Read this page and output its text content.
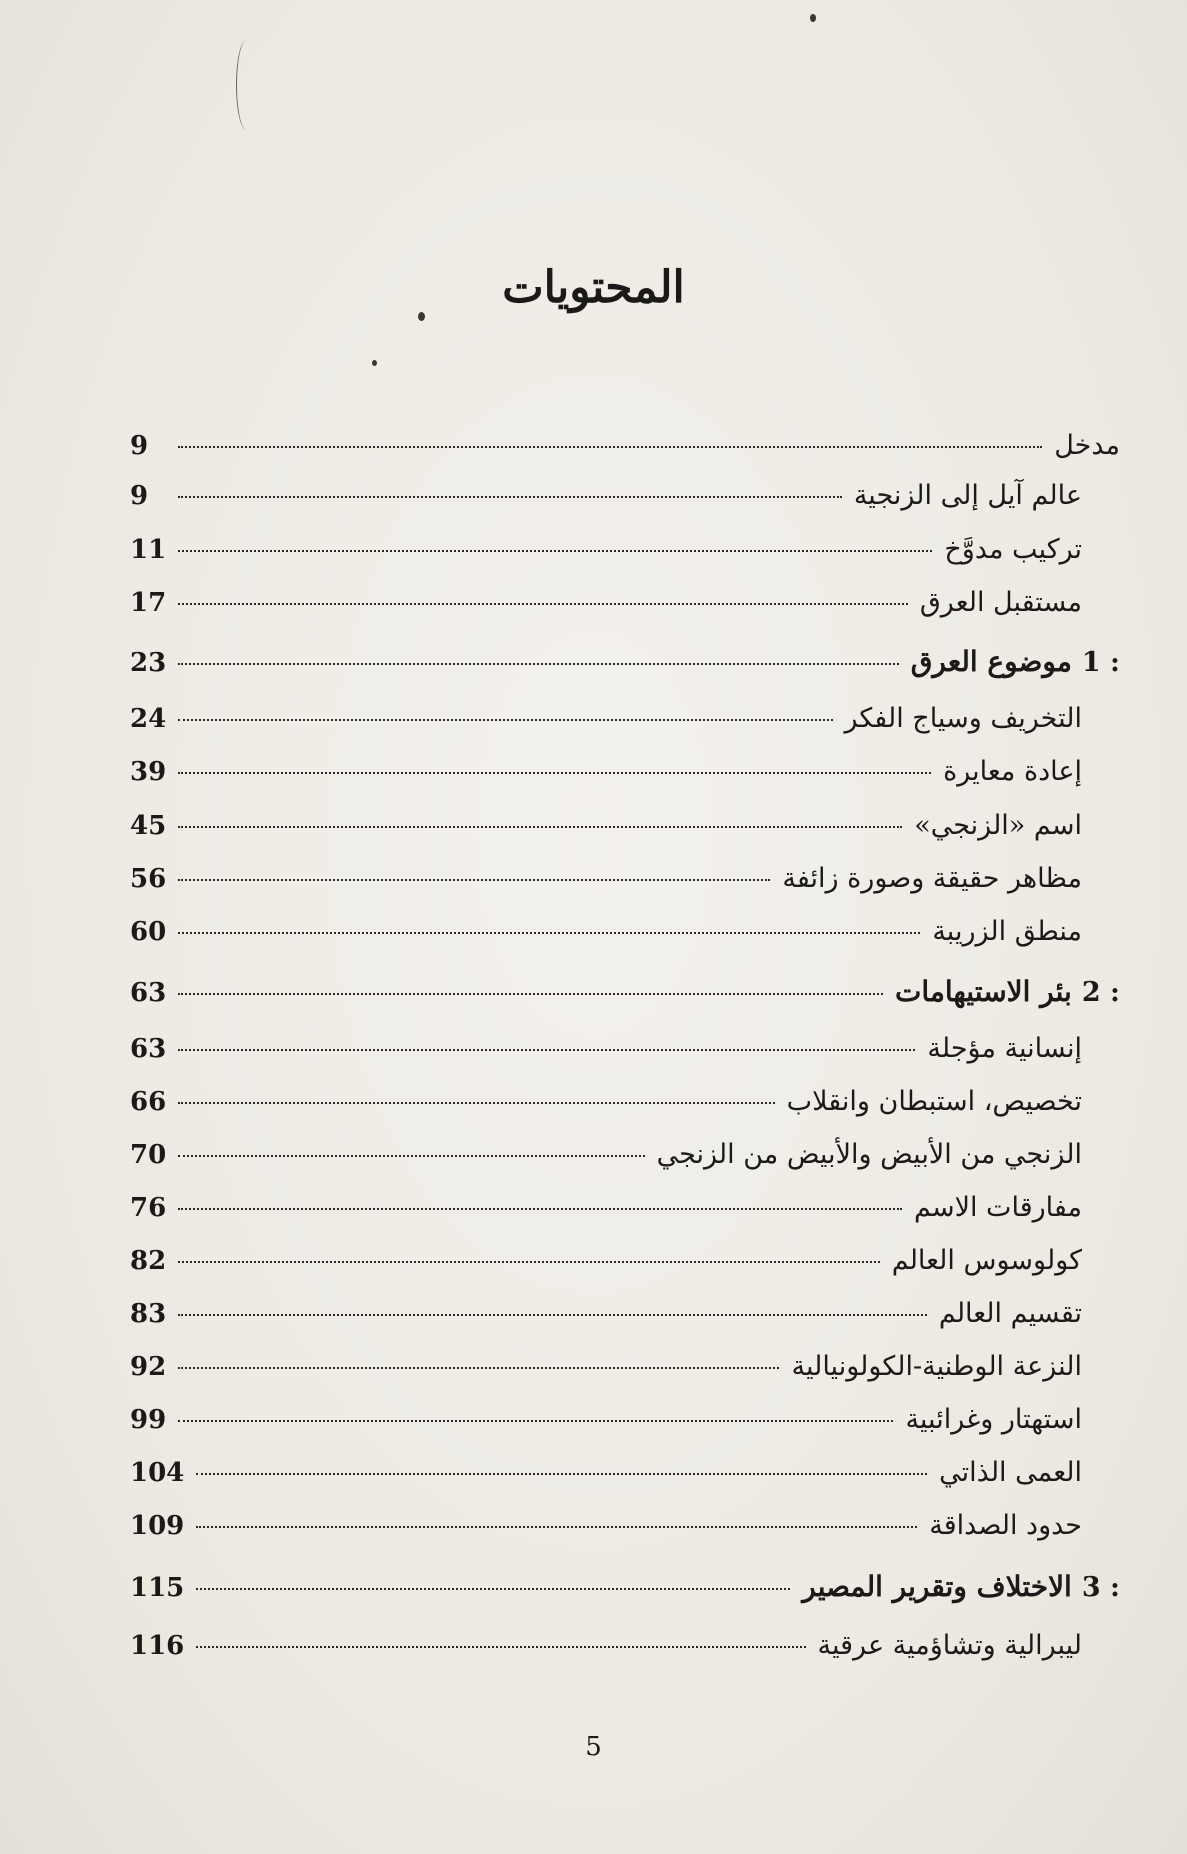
المحتويات
مدخل
9
عالم آيل إلى الزنجية
9
تركيب مدوَّخ
11
مستقبل العرق
17
1 :
موضوع العرق
23
التخريف وسياج الفكر
24
إعادة معايرة
39
اسم «الزنجي»
45
مظاهر حقيقة وصورة زائفة
56
منطق الزريبة
60
2 :
بئر الاستيهامات
63
إنسانية مؤجلة
63
تخصيص، استبطان وانقلاب
66
الزنجي من الأبيض والأبيض من الزنجي
70
مفارقات الاسم
76
كولوسوس العالم
82
تقسيم العالم
83
النزعة الوطنية-الكولونيالية
92
استهتار وغرائبية
99
العمى الذاتي
104
حدود الصداقة
109
3 :
الاختلاف وتقرير المصير
115
ليبرالية وتشاؤمية عرقية
116
5
